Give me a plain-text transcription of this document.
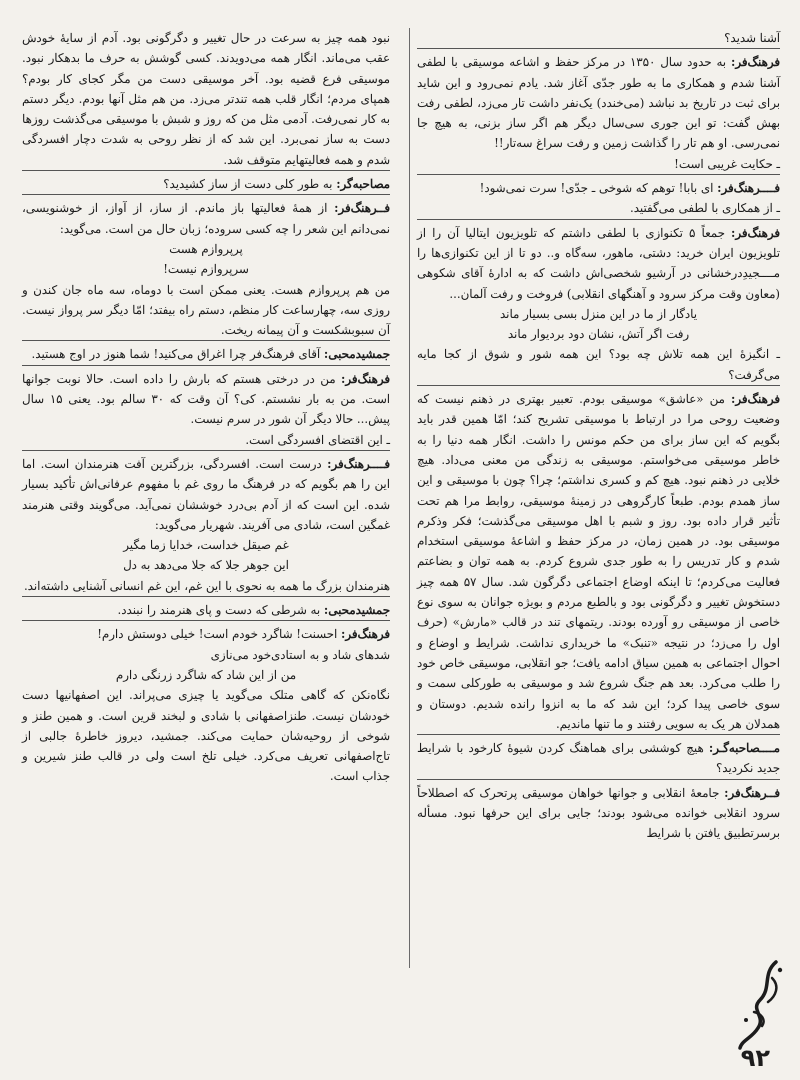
آشنا شدید؟

فرهنگ‌فر: به حدود سال ۱۳۵۰ در مرکز حفظ و اشاعه موسیقی با لطفی آشنا شدم و همکاری ما به طور جدّی آغاز شد. یادم نمی‌رود و این شاید برای ثبت در تاریخ بد نباشد (می‌خندد) یک‌نفر داشت تار می‌زد، لطفی رفت بهش گفت: تو این جوری سی‌سال دیگر هم اگر ساز بزنی، به هیچ جا نمی‌رسی. او هم تار را گذاشت زمین و رفت سراغ سه‌تار!!

ـ حکایت غریبی است!

فــــرهنگ‌فر: ای بابا! توهم که شوخی ـ جدّی! سرت نمی‌شود!

ـ از همکاری با لطفی می‌گفتید.

فرهنگ‌فر: جمعاً ۵ تکنوازی با لطفی داشتم که تلویزیون ایتالیا آن را از تلویزیون ایران خرید: دشتی، ماهور، سه‌گاه و.. دو تا از این تکنوازی‌ها را مــــجیدِدرخشانی در آرشیو شخصی‌اش داشت که به ادارهٔ آقای شکوهی (معاون وقت مرکز سرود و آهنگهای انقلابی) فروخت و رفت آلمان...

یادگار از ما در این منزل بسی بسیار ماند

رفت اگر آتش، نشان دود بردیوار ماند

ـ انگیزهٔ این همه تلاش چه بود؟ این همه شور و شوق از کجا مایه می‌گرفت؟

فرهنگ‌فر: من «عاشق» موسیقی بودم. تعبیر بهتری در ذهنم نیست که وضعیت روحی مرا در ارتباط با موسیقی تشریح کند؛ امّا همین قدر باید بگویم که این ساز برای من حکم مونس را داشت. انگار همه دنیا را به خاطر موسیقی می‌خواستم. موسیقی به زندگی من معنی می‌داد. هیچ خلایی در ذهنم نبود. هیچ کم و کسری نداشتم؛ چرا؟ چون با موسیقی و این ساز همدم بودم. طبعاً کارگروهی در زمینهٔ موسیقی، روابط مرا هم تحت تأثیر قرار داده بود. روز و شبم با اهل موسیقی می‌گذشت؛ فکر وذکرم موسیقی بود. در همین زمان، در مرکز حفظ و اشاعهٔ موسیقی استخدام شدم و کار تدریس را به طور جدی شروع کردم. به همه توان و بضاعتم فعالیت می‌کردم؛ تا اینکه اوضاع اجتماعی دگرگون شد. سال ۵۷ همه چیز دستخوش تغییر و دگرگونی بود و بالطبع مردم و بویژه جوانان به سوی نوع خاصی از موسیقی رو آورده بودند. ریتمهای تند در قالب «مارش» (حرف اول را می‌زد؛ در نتیجه «تنبک» ما خریداری نداشت. شرایط و اوضاع و احوال اجتماعی به همین سیاق ادامه یافت؛ جو انقلابی، موسیقی خاص خود را طلب می‌کرد. بعد هم جنگ شروع شد و موسیقی به طورکلی سمت و سوی خاصی پیدا کرد؛ این شد که ما به انزوا رانده شدیم. دوستان و همدلان هر یک به سویی رفتند و ما تنها ماندیم.

مــــصاحبه‌گـر: هیچ کوششی برای هماهنگ کردن شیوهٔ کارخود با شرایط جدید نکردید؟

فــرهنگ‌فر: جامعهٔ انقلابی و جوانها خواهان موسیقی پرتحرک که اصطلاحاً سرود انقلابی خوانده می‌شود بودند؛ جایی برای این حرفها نبود. مسأله برسرتطبیق یافتن با شرایط

نبود همه چیز به سرعت در حال تغییر و دگرگونی بود. آدم از سایهٔ خودش عقب می‌ماند. انگار همه می‌دویدند. کسی گوشش به حرف ما بدهکار نبود. موسیقی فرع قضیه بود. آخر موسیقی دست من مگر کجای کار بودم؟ همپای مردم؛ انگار قلب همه تندتر می‌زد. من هم مثل آنها بودم. دیگر دستم به کار نمی‌رفت. آدمی مثل من که روز و شبش با موسیقی می‌گذشت روزها دست به ساز نمی‌برد. این شد که از نظر روحی به شدت دچار افسردگی شدم و همه فعالیتهایم متوقف شد.

مصاحبه‌گر: به طور کلی دست از ساز کشیدید؟

فــرهنگ‌فر: از همهٔ فعالیتها باز ماندم. از ساز، از آواز، از خوشنویسی، نمی‌دانم این شعر را چه کسی سروده؛ زبان حال من است. می‌گوید:

پرپروازم هست

سرپروازم نیست!

من هم پرپروازم هست. یعنی ممکن است با دوماه، سه ماه جان کندن و روزی سه، چهارساعت کار منظم، دستم راه بیفتد؛ امّا دیگر سر پرواز نیست. آن سبوبشکست و آن پیمانه ریخت.

جمشیدمحبی: آقای فرهنگ‌فر چرا اغراق می‌کنید! شما هنوز در اوج هستید.

فرهنگ‌فر: من در درختی هستم که بارش را داده است. حالا نوبت جوانها است. من به بار نشستم. کی؟ آن وقت که ۳۰ سالم بود. یعنی ۱۵ سال پیش... حالا دیگر آن شور در سرم نیست.

ـ این اقتضای افسردگی است.

فــــرهنگ‌فر: درست است. افسردگی، بزرگترین آفت هنرمندان است. اما این را هم بگویم که در فرهنگ ما روی غم با مفهوم عرفانی‌اش تأکید بسیار شده. این است که از آدم بی‌درد خوششان نمی‌آید. می‌گویند وقتی هنرمند غمگین است، شادی می آفریند. شهریار می‌گوید:

غم صیقل خداست، خدایا زما مگیر

این جوهر جلا که جلا می‌دهد به دل

هنرمندان بزرگ ما همه به نحوی با این غم، این غم انسانی آشنایی داشته‌اند.

جمشیدمحبی: به شرطی که دست و پای هنرمند را نبندد.

فرهنگ‌فر: احسنت! شاگرد خودم است! خیلی دوستش دارم!

شدهای شاد و به استادی‌خود می‌نازی

من از این شاد که شاگرد زرنگی دارم

نگاه‌نکن که گاهی متلک می‌گوید یا چیزی می‌پراند. این اصفهانیها دست خودشان نیست. طنزاصفهانی با شادی و لبخند قرین است. و همین طنز و شوخی از روحیه‌شان حمایت می‌کند. جمشید، دیروز خاطرهٔ جالبی از تاج‌اصفهانی تعریف می‌کرد. خیلی تلخ است ولی در قالب طنز شیرین و جذاب است.

۹۲
